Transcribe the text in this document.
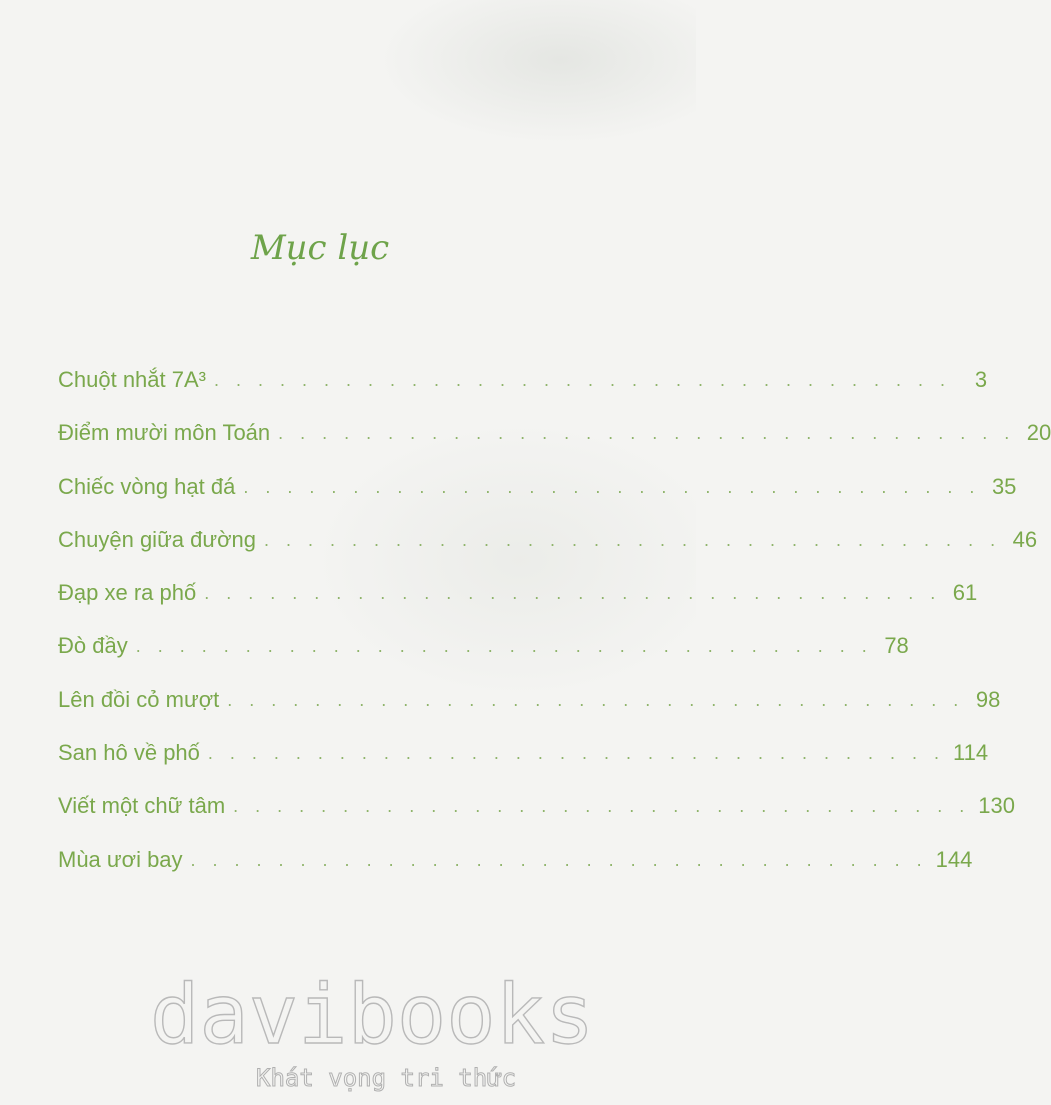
Mục lục
Chuột nhắt 7A³ . . . . . . . . . . . . . . . . . . . . . . . . . . . . . . . . . .	3
Điểm mười môn Toán . . . . . . . . . . . . . . . . . . . . . . . . . . . . . . . . . . 20
Chiếc vòng hạt đá . . . . . . . . . . . . . . . . . . . . . . . . . . . . . . . . . . 35
Chuyện giữa đường . . . . . . . . . . . . . . . . . . . . . . . . . . . . . . . . . . 46
Đạp xe ra phố . . . . . . . . . . . . . . . . . . . . . . . . . . . . . . . . . . 61
Đò đầy . . . . . . . . . . . . . . . . . . . . . . . . . . . . . . . . . . 78
Lên đồi cỏ mượt . . . . . . . . . . . . . . . . . . . . . . . . . . . . . . . . . . 98
San hô về phố . . . . . . . . . . . . . . . . . . . . . . . . . . . . . . . . . . 114
Viết một chữ tâm . . . . . . . . . . . . . . . . . . . . . . . . . . . . . . . . . . 130
Mùa ươi bay . . . . . . . . . . . . . . . . . . . . . . . . . . . . . . . . . . 144
davibooks
Khát vọng tri thức
